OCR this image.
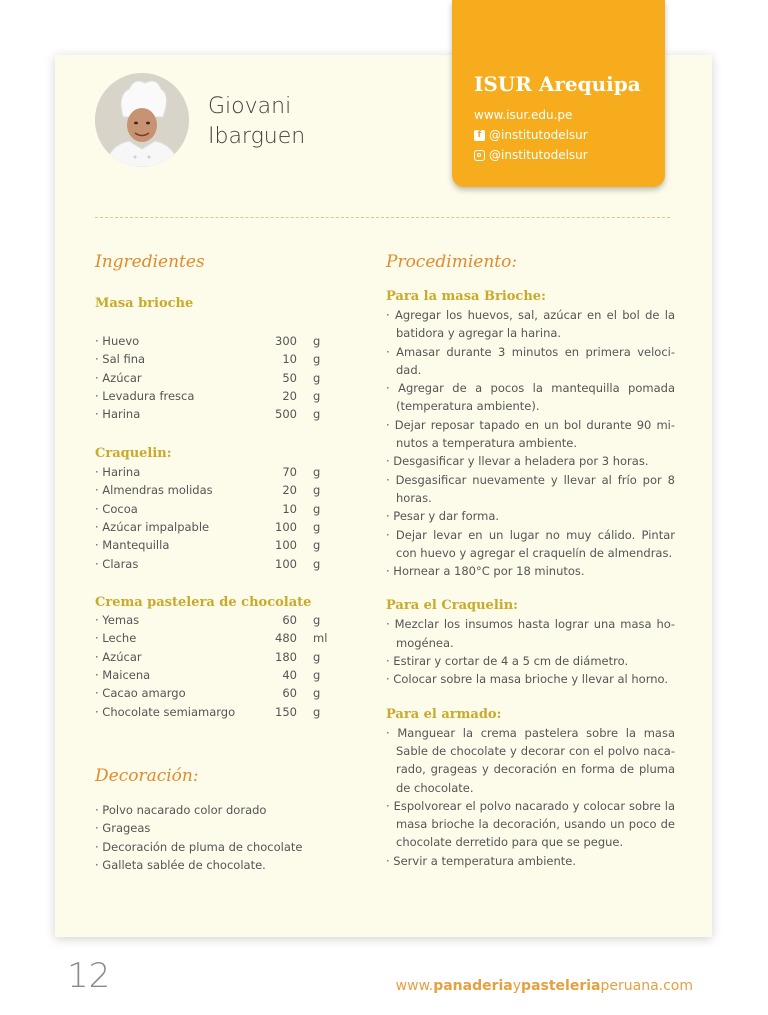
ISUR Arequipa
www.isur.edu.pe
f @institutodelsur
@institutodelsur
Giovani
Ibarguen
Ingredientes
Masa brioche
· Huevo	300 g
· Sal fina	10 g
· Azúcar	50 g
· Levadura fresca	20 g
· Harina	500 g
Craquelin:
· Harina	70 g
· Almendras molidas	20 g
· Cocoa	10 g
· Azúcar impalpable	100 g
· Mantequilla	100 g
· Claras	100 g
Crema pastelera de chocolate
· Yemas	60 g
· Leche	480 ml
· Azúcar	180 g
· Maicena	40 g
· Cacao amargo	60 g
· Chocolate semiamargo	150 g
Decoración:
· Polvo nacarado color dorado
· Grageas
· Decoración de pluma de chocolate
· Galleta sablée de chocolate.
Procedimiento:
Para la masa Brioche:
· Agregar los huevos, sal, azúcar en el bol de la batidora y agregar la harina.
· Amasar durante 3 minutos en primera velocidad.
· Agregar de a pocos la mantequilla pomada (temperatura ambiente).
· Dejar reposar tapado en un bol durante 90 minutos a temperatura ambiente.
· Desgasificar y llevar a heladera por 3 horas.
· Desgasificar nuevamente y llevar al frío por 8 horas.
· Pesar y dar forma.
· Dejar levar en un lugar no muy cálido. Pintar con huevo y agregar el craquelín de almendras.
· Hornear a 180°C por 18 minutos.
Para el Craquelin:
· Mezclar los insumos hasta lograr una masa homogénea.
· Estirar y cortar de 4 a 5 cm de diámetro.
· Colocar sobre la masa brioche y llevar al horno.
Para el armado:
· Manguear la crema pastelera sobre la masa Sable de chocolate y decorar con el polvo nacarado, grageas y decoración en forma de pluma de chocolate.
· Espolvorear el polvo nacarado y colocar sobre la masa brioche la decoración, usando un poco de chocolate derretido para que se pegue.
· Servir a temperatura ambiente.
12	www.panaderiaypasteleriaperuana.com
